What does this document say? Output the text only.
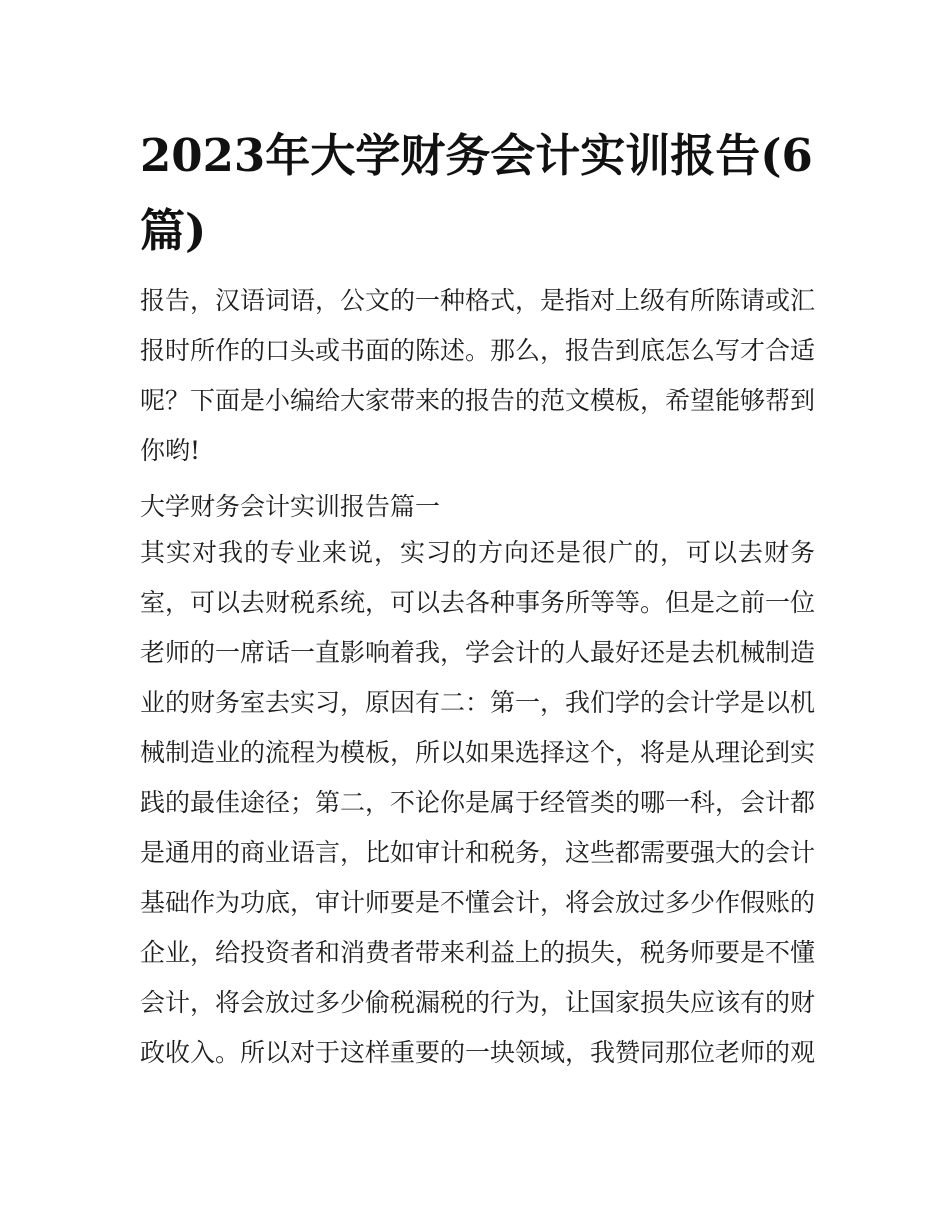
2023年大学财务会计实训报告(6篇)

报告，汉语词语，公文的一种格式，是指对上级有所陈请或汇报时所作的口头或书面的陈述。那么，报告到底怎么写才合适呢？下面是小编给大家带来的报告的范文模板，希望能够帮到你哟!

大学财务会计实训报告篇一

其实对我的专业来说，实习的方向还是很广的，可以去财务室，可以去财税系统，可以去各种事务所等等。但是之前一位老师的一席话一直影响着我，学会计的人最好还是去机械制造业的财务室去实习，原因有二：第一，我们学的会计学是以机械制造业的流程为模板，所以如果选择这个，将是从理论到实践的最佳途径；第二，不论你是属于经管类的哪一科，会计都是通用的商业语言，比如审计和税务，这些都需要强大的会计基础作为功底，审计师要是不懂会计，将会放过多少作假账的企业，给投资者和消费者带来利益上的损失，税务师要是不懂会计，将会放过多少偷税漏税的行为，让国家损失应该有的财政收入。所以对于这样重要的一块领域，我赞同那位老师的观
